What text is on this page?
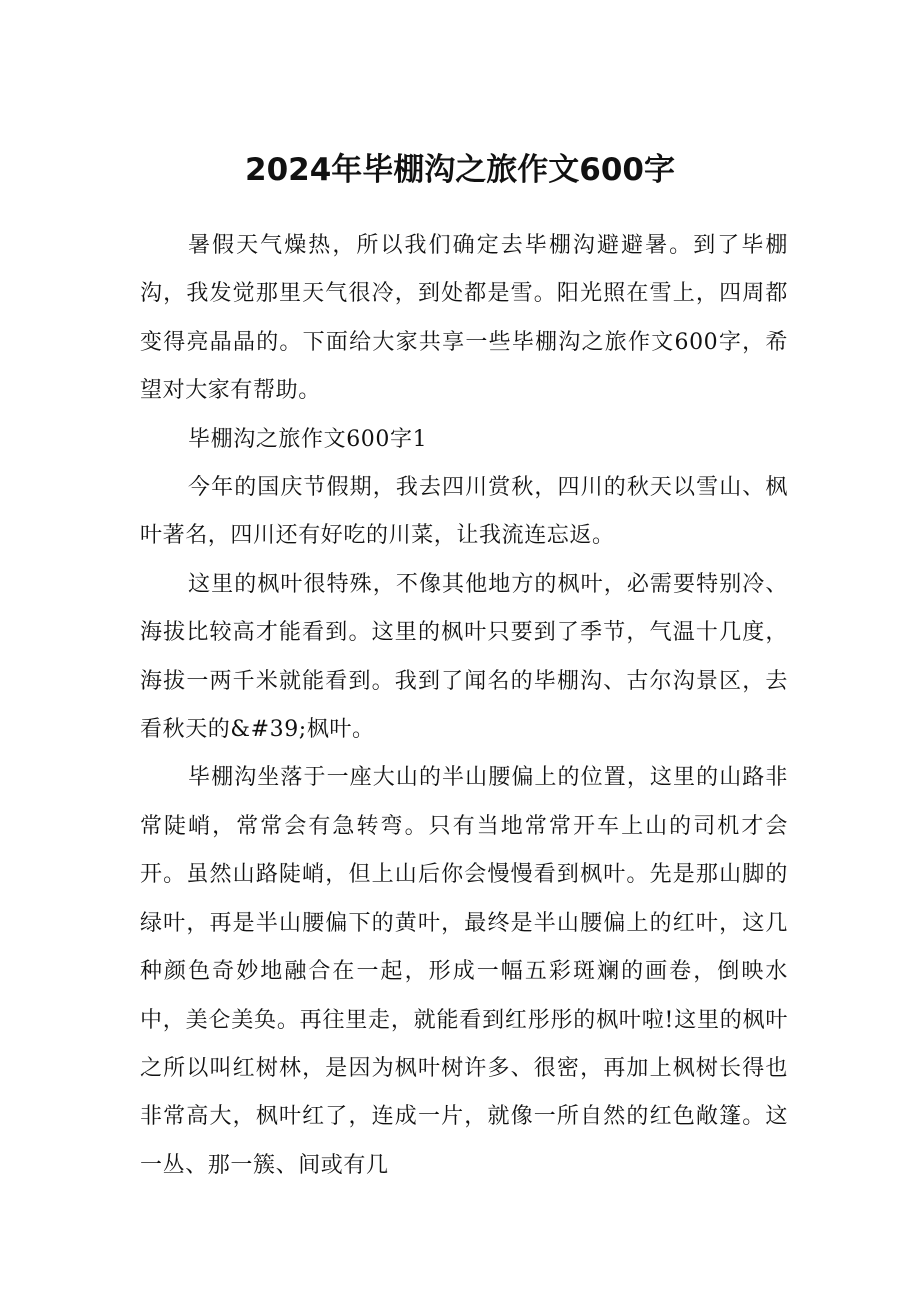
2024年毕棚沟之旅作文600字

暑假天气燥热，所以我们确定去毕棚沟避避暑。到了毕棚沟，我发觉那里天气很冷，到处都是雪。阳光照在雪上，四周都变得亮晶晶的。下面给大家共享一些毕棚沟之旅作文600字，希望对大家有帮助。

毕棚沟之旅作文600字1

今年的国庆节假期，我去四川赏秋，四川的秋天以雪山、枫叶著名，四川还有好吃的川菜，让我流连忘返。

这里的枫叶很特殊，不像其他地方的枫叶，必需要特别冷、海拔比较高才能看到。这里的枫叶只要到了季节，气温十几度，海拔一两千米就能看到。我到了闻名的毕棚沟、古尔沟景区，去看秋天的&#39;枫叶。

毕棚沟坐落于一座大山的半山腰偏上的位置，这里的山路非常陡峭，常常会有急转弯。只有当地常常开车上山的司机才会开。虽然山路陡峭，但上山后你会慢慢看到枫叶。先是那山脚的绿叶，再是半山腰偏下的黄叶，最终是半山腰偏上的红叶，这几种颜色奇妙地融合在一起，形成一幅五彩斑斓的画卷，倒映水中，美仑美奂。再往里走，就能看到红彤彤的枫叶啦!这里的枫叶之所以叫红树林，是因为枫叶树许多、很密，再加上枫树长得也非常高大，枫叶红了，连成一片，就像一所自然的红色敞篷。这一丛、那一簇、间或有几
